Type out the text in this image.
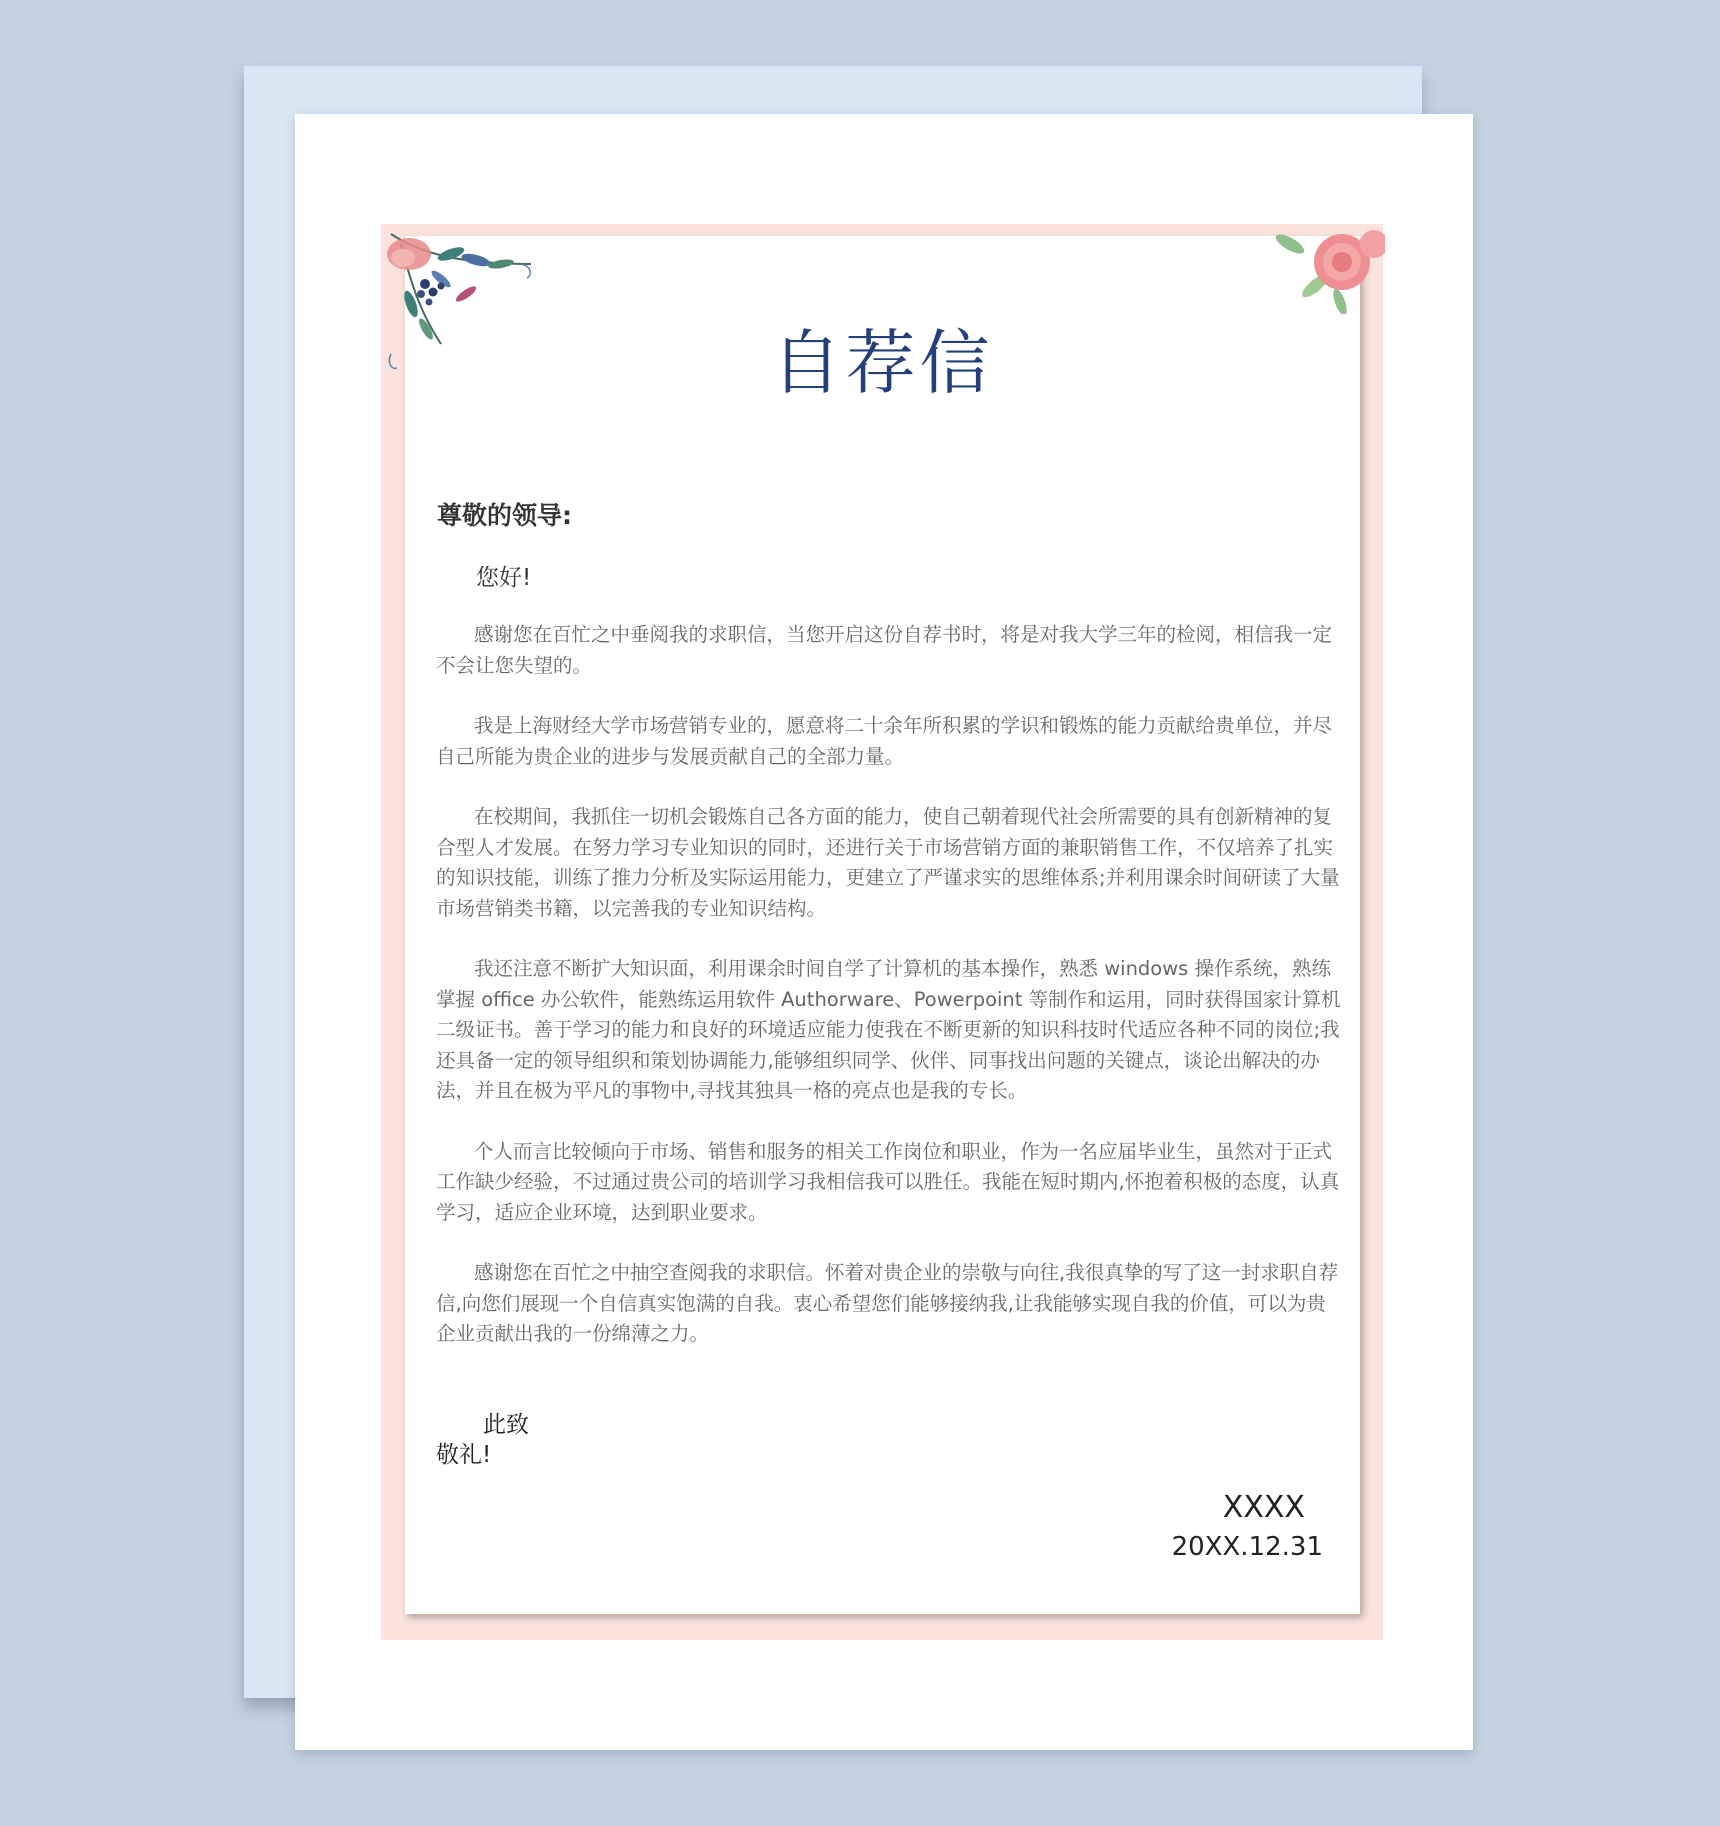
自荐信
尊敬的领导:
您好!

感谢您在百忙之中垂阅我的求职信，当您开启这份自荐书时，将是对我大学三年的检阅，相信我一定不会让您失望的。

我是上海财经大学市场营销专业的，愿意将二十余年所积累的学识和锻炼的能力贡献给贵单位，并尽自己所能为贵企业的进步与发展贡献自己的全部力量。

在校期间，我抓住一切机会锻炼自己各方面的能力，使自己朝着现代社会所需要的具有创新精神的复合型人才发展。在努力学习专业知识的同时，还进行关于市场营销方面的兼职销售工作，不仅培养了扎实的知识技能，训练了推力分析及实际运用能力，更建立了严谨求实的思维体系;并利用课余时间研读了大量市场营销类书籍，以完善我的专业知识结构。

我还注意不断扩大知识面，利用课余时间自学了计算机的基本操作，熟悉 windows 操作系统，熟练掌握 office 办公软件，能熟练运用软件 Authorware、Powerpoint 等制作和运用，同时获得国家计算机二级证书。善于学习的能力和良好的环境适应能力使我在不断更新的知识科技时代适应各种不同的岗位;我还具备一定的领导组织和策划协调能力,能够组织同学、伙伴、同事找出问题的关键点，谈论出解决的办法，并且在极为平凡的事物中,寻找其独具一格的亮点也是我的专长。

个人而言比较倾向于市场、销售和服务的相关工作岗位和职业，作为一名应届毕业生，虽然对于正式工作缺少经验，不过通过贵公司的培训学习我相信我可以胜任。我能在短时期内,怀抱着积极的态度，认真学习，适应企业环境，达到职业要求。

感谢您在百忙之中抽空查阅我的求职信。怀着对贵企业的崇敬与向往,我很真挚的写了这一封求职自荐信,向您们展现一个自信真实饱满的自我。衷心希望您们能够接纳我,让我能够实现自我的价值，可以为贵企业贡献出我的一份绵薄之力。

此致
敬礼!
XXXX
20XX.12.31
